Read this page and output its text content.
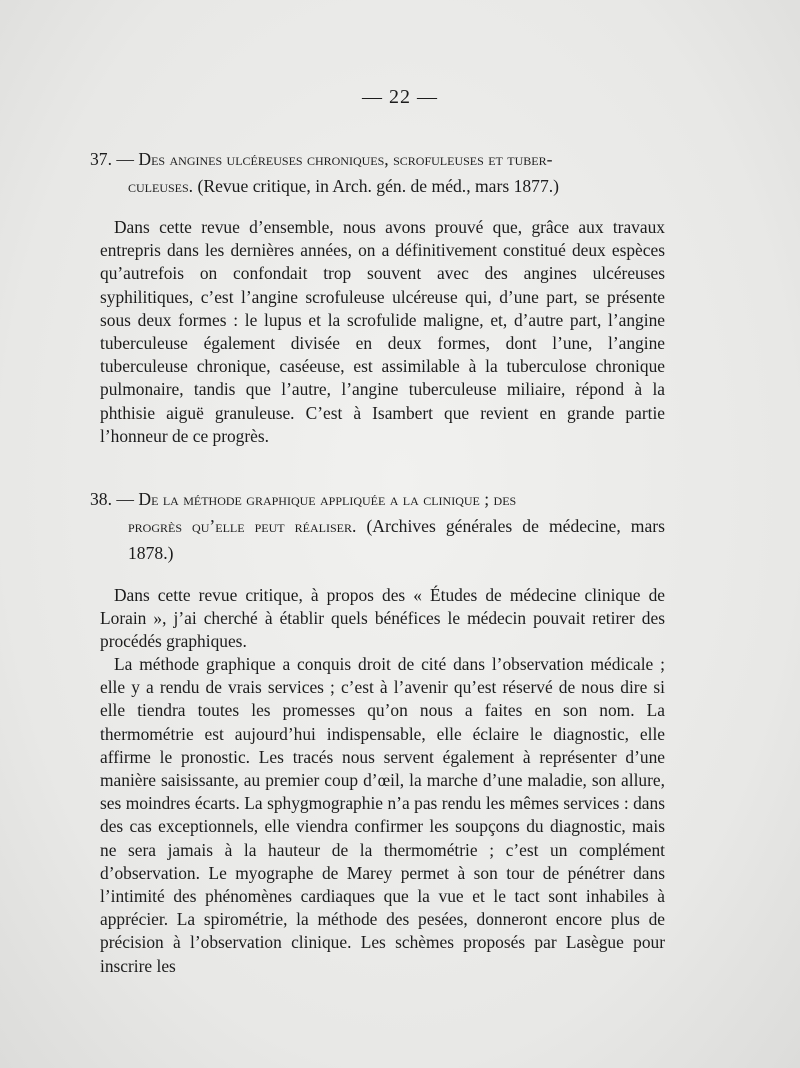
— 22 —
37. — Des angines ulcéreuses chroniques, scrofuleuses et tuber-
culeuses. (Revue critique, in Arch. gén. de méd., mars 1877.)

Dans cette revue d’ensemble, nous avons prouvé que, grâce aux travaux entrepris dans les dernières années, on a définitivement constitué deux espèces qu’autrefois on confondait trop souvent avec des angines ulcéreuses syphilitiques, c’est l’angine scrofuleuse ulcéreuse qui, d’une part, se présente sous deux formes : le lupus et la scrofulide maligne, et, d’autre part, l’angine tuberculeuse également divisée en deux formes, dont l’une, l’angine tuberculeuse chronique, caséeuse, est assimilable à la tuberculose chronique pulmonaire, tandis que l’autre, l’angine tuberculeuse miliaire, répond à la phthisie aiguë granuleuse. C’est à Isambert que revient en grande partie l’honneur de ce progrès.

38. — De la méthode graphique appliquée a la clinique ; des
progrès qu’elle peut réaliser. (Archives générales de médecine, mars 1878.)

Dans cette revue critique, à propos des « Études de médecine clinique de Lorain », j’ai cherché à établir quels bénéfices le médecin pouvait retirer des procédés graphiques.

La méthode graphique a conquis droit de cité dans l’observation médicale ; elle y a rendu de vrais services ; c’est à l’avenir qu’est réservé de nous dire si elle tiendra toutes les promesses qu’on nous a faites en son nom. La thermométrie est aujourd’hui indispensable, elle éclaire le diagnostic, elle affirme le pronostic. Les tracés nous servent également à représenter d’une manière saisissante, au premier coup d’œil, la marche d’une maladie, son allure, ses moindres écarts. La sphygmographie n’a pas rendu les mêmes services : dans des cas exceptionnels, elle viendra confirmer les soupçons du diagnostic, mais ne sera jamais à la hauteur de la thermométrie ; c’est un complément d’observation. Le myographe de Marey permet à son tour de pénétrer dans l’intimité des phénomènes cardiaques que la vue et le tact sont inhabiles à apprécier. La spirométrie, la méthode des pesées, donneront encore plus de précision à l’observation clinique. Les schèmes proposés par Lasègue pour inscrire les
